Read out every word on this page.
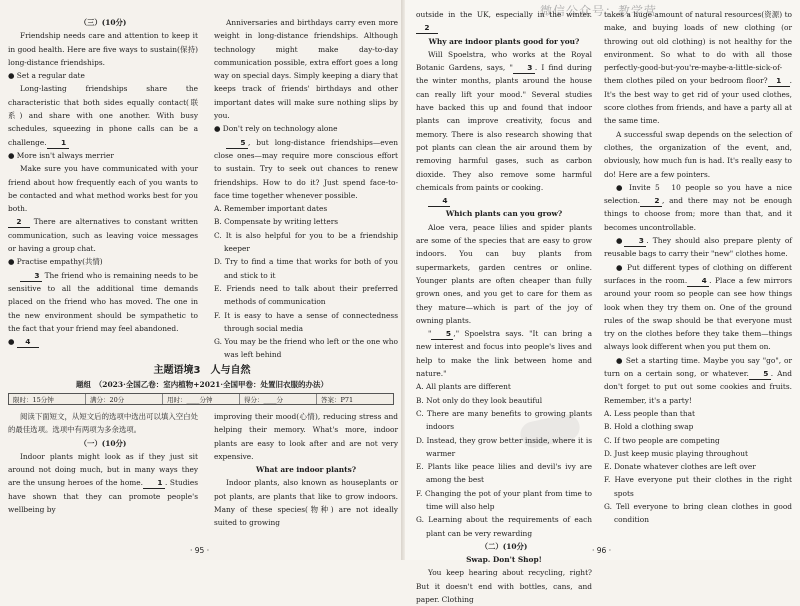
微信公众号：教学营

（三）(10分)

Friendship needs care and attention to keep it in good health. Here are five ways to sustain(保持) long-distance friendships.

● Set a regular date

Long-lasting friendships share the characteristic that both sides equally contact(联系) and share with one another. With busy schedules, squeezing in phone calls can be a challenge. 1

● More isn't always merrier

Make sure you have communicated with your friend about how frequently each of you wants to be contacted and what method works best for you both.

2 There are alternatives to constant written communication, such as leaving voice messages or having a group chat.

● Practise empathy(共情)

3 The friend who is remaining needs to be sensitive to all the additional time demands placed on the friend who has moved. The one in the new environment should be sympathetic to the fact that your friend may feel abandoned.

● 4

Anniversaries and birthdays carry even more weight in long-distance friendships. Although technology might make day-to-day communication possible, extra effort goes a long way on special days. Simply keeping a diary that keeps track of friends' birthdays and other important dates will make sure nothing slips by you.

● Don't rely on technology alone

5 , but long-distance friendships—even close ones—may require more conscious effort to sustain. Try to seek out chances to renew friendships. How to do it? Just spend face-to-face time together whenever possible.

A. Remember important dates

B. Compensate by writing letters

C. It is also helpful for you to be a friendship keeper

D. Try to find a time that works for both of you and stick to it

E. Friends need to talk about their preferred methods of communication

F. It is easy to have a sense of connectedness through social media

G. You may be the friend who left or the one who was left behind

主题语境3　人与自然
题组　（2023·全国乙卷：室内植物+2021·全国甲卷：处置旧衣服的办法）
限时：15分钟	满分：20分	用时：____分钟	得分：____分	答案：P71

阅读下面短文，从短文后的选项中选出可以填入空白处的最佳选项。选项中有两项为多余选项。

（一）(10分)

Indoor plants might look as if they just sit around not doing much, but in many ways they are the unsung heroes of the home. 1 . Studies have shown that they can promote people's wellbeing by

improving their mood(心情), reducing stress and helping their memory. What's more, indoor plants are easy to look after and are not very expensive.

What are indoor plants?

Indoor plants, also known as houseplants or pot plants, are plants that like to grow indoors. Many of these species(物种) are not ideally suited to growing

outside in the UK, especially in the winter.2

Why are indoor plants good for you?

Will Spoelstra, who works at the Royal Botanic Gardens, says, " 3 . I find during the winter months, plants around the house can really lift your mood." Several studies have backed this up and found that indoor plants can improve creativity, focus and memory. There is also research showing that pot plants can clean the air around them by removing harmful gases, such as carbon dioxide. They also remove some harmful chemicals from paints or cooking.

4

Which plants can you grow?

Aloe vera, peace lilies and spider plants are some of the species that are easy to grow indoors. You can buy plants from supermarkets, garden centres or online. Younger plants are often cheaper than fully grown ones, and you get to care for them as they mature—which is part of the joy of owning plants.

" 5 ," Spoelstra says. "It can bring a new interest and focus into people's lives and help to make the link between home and nature."

A. All plants are different

B. Not only do they look beautiful

C. There are many benefits to growing plants indoors

D. Instead, they grow better inside, where it is warmer

E. Plants like peace lilies and devil's ivy are among the best

F. Changing the pot of your plant from time to time will also help

G. Learning about the requirements of each plant can be very rewarding

（二）(10分)

Swap. Don't Shop!

You keep hearing about recycling, right? But it doesn't end with bottles, cans, and paper. Clothing

takes a huge amount of natural resources(资源) to make, and buying loads of new clothing (or throwing out old clothing) is not healthy for the environment. So what to do with all those perfectly-good-but-you're-maybe-a-little-sick-of-them clothes piled on your bedroom floor? 1 . It's the best way to get rid of your used clothes, score clothes from friends, and have a party all at the same time.

A successful swap depends on the selection of clothes, the organization of the event, and, obviously, how much fun is had. It's really easy to do! Here are a few pointers.

● Invite 5　10 people so you have a nice selection. 2 , and there may not be enough things to choose from; more than that, and it becomes uncontrollable.

● 3 . They should also prepare plenty of reusable bags to carry their "new" clothes home.

● Put different types of clothing on different surfaces in the room. 4 . Place a few mirrors around your room so people can see how things look when they try them on. One of the ground rules of the swap should be that everyone must try on the clothes before they take them—things always look different when you put them on.

● Set a starting time. Maybe you say "go", or turn on a certain song, or whatever. 5 . And don't forget to put out some cookies and fruits. Remember, it's a party!

A. Less people than that

B. Hold a clothing swap

C. If two people are competing

D. Just keep music playing throughout

E. Donate whatever clothes are left over

F. Have everyone put their clothes in the right spots

G. Tell everyone to bring clean clothes in good condition

· 95 ·	· 96 ·
